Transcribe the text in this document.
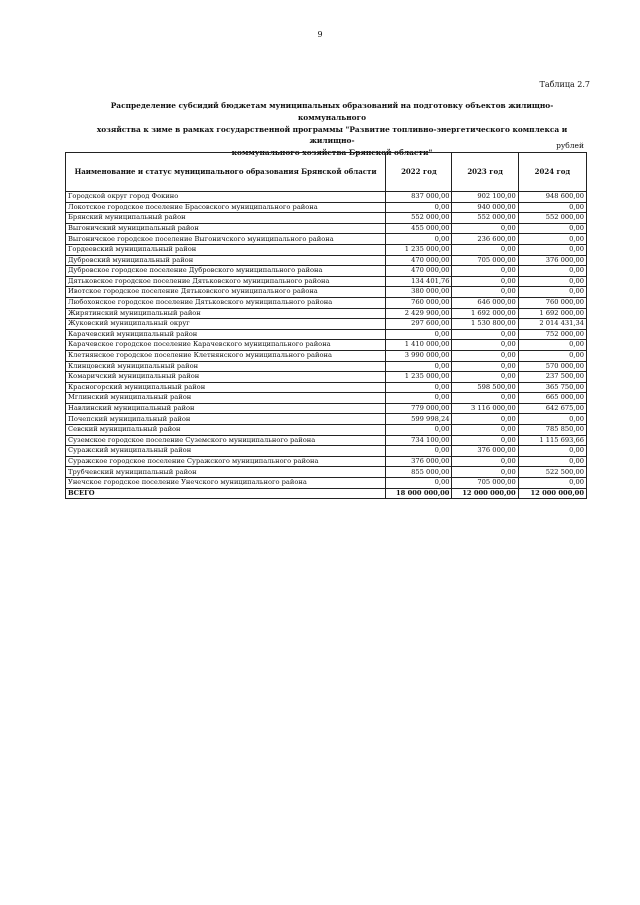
9
Таблица 2.7
Распределение субсидий бюджетам муниципальных образований на подготовку объектов жилищно-коммунального
хозяйства к зиме в рамках государственной программы "Развитие топливно-энергетического комплекса и жилищно-
коммунального хозяйства Брянской области"
рублей
Наименование и статус муниципального образования Брянской области	2022 год	2023 год	2024 год
Городской округ город Фокино	837 000,00	902 100,00	948 600,00
Локотское городское поселение Брасовского муниципального района	0,00	940 000,00	0,00
Брянский муниципальный район	552 000,00	552 000,00	552 000,00
Выгоничский муниципальный район	455 000,00	0,00	0,00
Выгоничское городское поселение Выгоничского муниципального района	0,00	236 600,00	0,00
Гордеевский муниципальный район	1 235 000,00	0,00	0,00
Дубровский муниципальный район	470 000,00	705 000,00	376 000,00
Дубровское городское поселение Дубровского муниципального района	470 000,00	0,00	0,00
Дятьковское городское поселение Дятьковского муниципального района	134 401,76	0,00	0,00
Ивотское городское поселение Дятьковского муниципального района	380 000,00	0,00	0,00
Любохонское городское поселение Дятьковского муниципального района	760 000,00	646 000,00	760 000,00
Жирятинский муниципальный район	2 429 900,00	1 692 000,00	1 692 000,00
Жуковский муниципальный округ	297 600,00	1 530 800,00	2 014 431,34
Карачевский муниципальный район	0,00	0,00	752 000,00
Карачевское городское поселение Карачевского муниципального района	1 410 000,00	0,00	0,00
Клетнянское городское поселение Клетнянского муниципального района	3 990 000,00	0,00	0,00
Клинцовский муниципальный район	0,00	0,00	570 000,00
Комаричский муниципальный район	1 235 000,00	0,00	237 500,00
Красногорский муниципальный район	0,00	598 500,00	365 750,00
Мглинский муниципальный район	0,00	0,00	665 000,00
Навлинский муниципальный район	779 000,00	3 116 000,00	642 675,00
Почепский муниципальный район	599 998,24	0,00	0,00
Севский муниципальный район	0,00	0,00	785 850,00
Суземское городское поселение Суземского муниципального района	734 100,00	0,00	1 115 693,66
Суражский муниципальный район	0,00	376 000,00	0,00
Суражское городское поселение Суражского муниципального района	376 000,00	0,00	0,00
Трубчевский муниципальный район	855 000,00	0,00	522 500,00
Унечское городское поселение Унечского муниципального района	0,00	705 000,00	0,00
ВСЕГО	18 000 000,00	12 000 000,00	12 000 000,00
